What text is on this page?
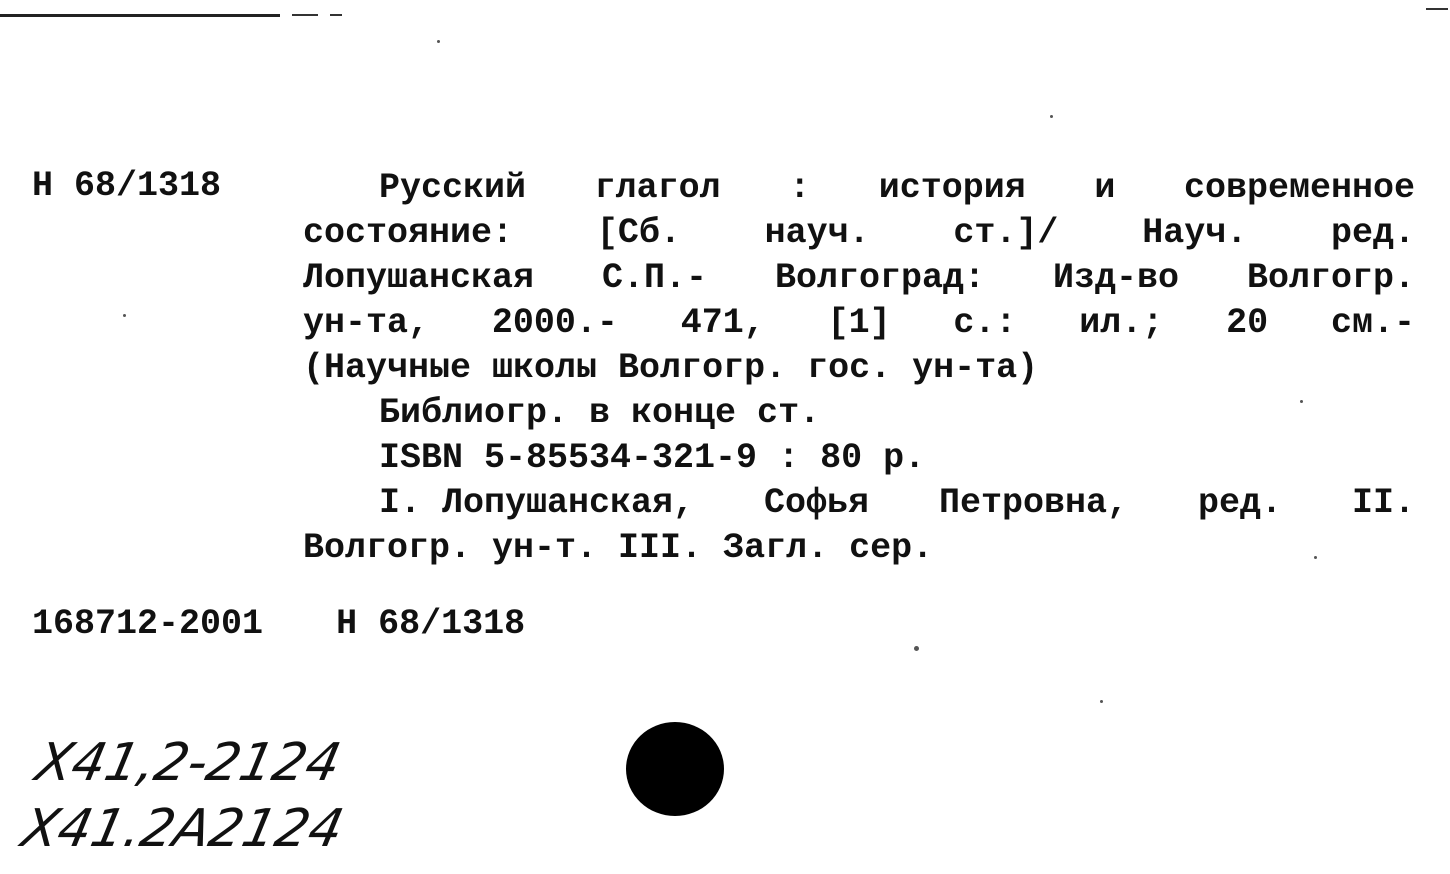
Н 68/1318	Русский глагол : история и современное
состояние: [Сб. науч. ст.]/ Науч. ред.
Лопушанская С.П.- Волгоград: Изд-во Волгогр.
ун-та, 2000.- 471, [1] с.: ил.; 20 см.-
(Научные школы Волгогр. гос. ун-та)
Библиогр. в конце ст.
ISBN 5-85534-321-9 : 80 р.
I. Лопушанская, Софья Петровна, ред. II.
Волгогр. ун-т. III. Загл. сер.
168712-2001 Н 68/1318
Х41,2-2124
Х41.2А2124
